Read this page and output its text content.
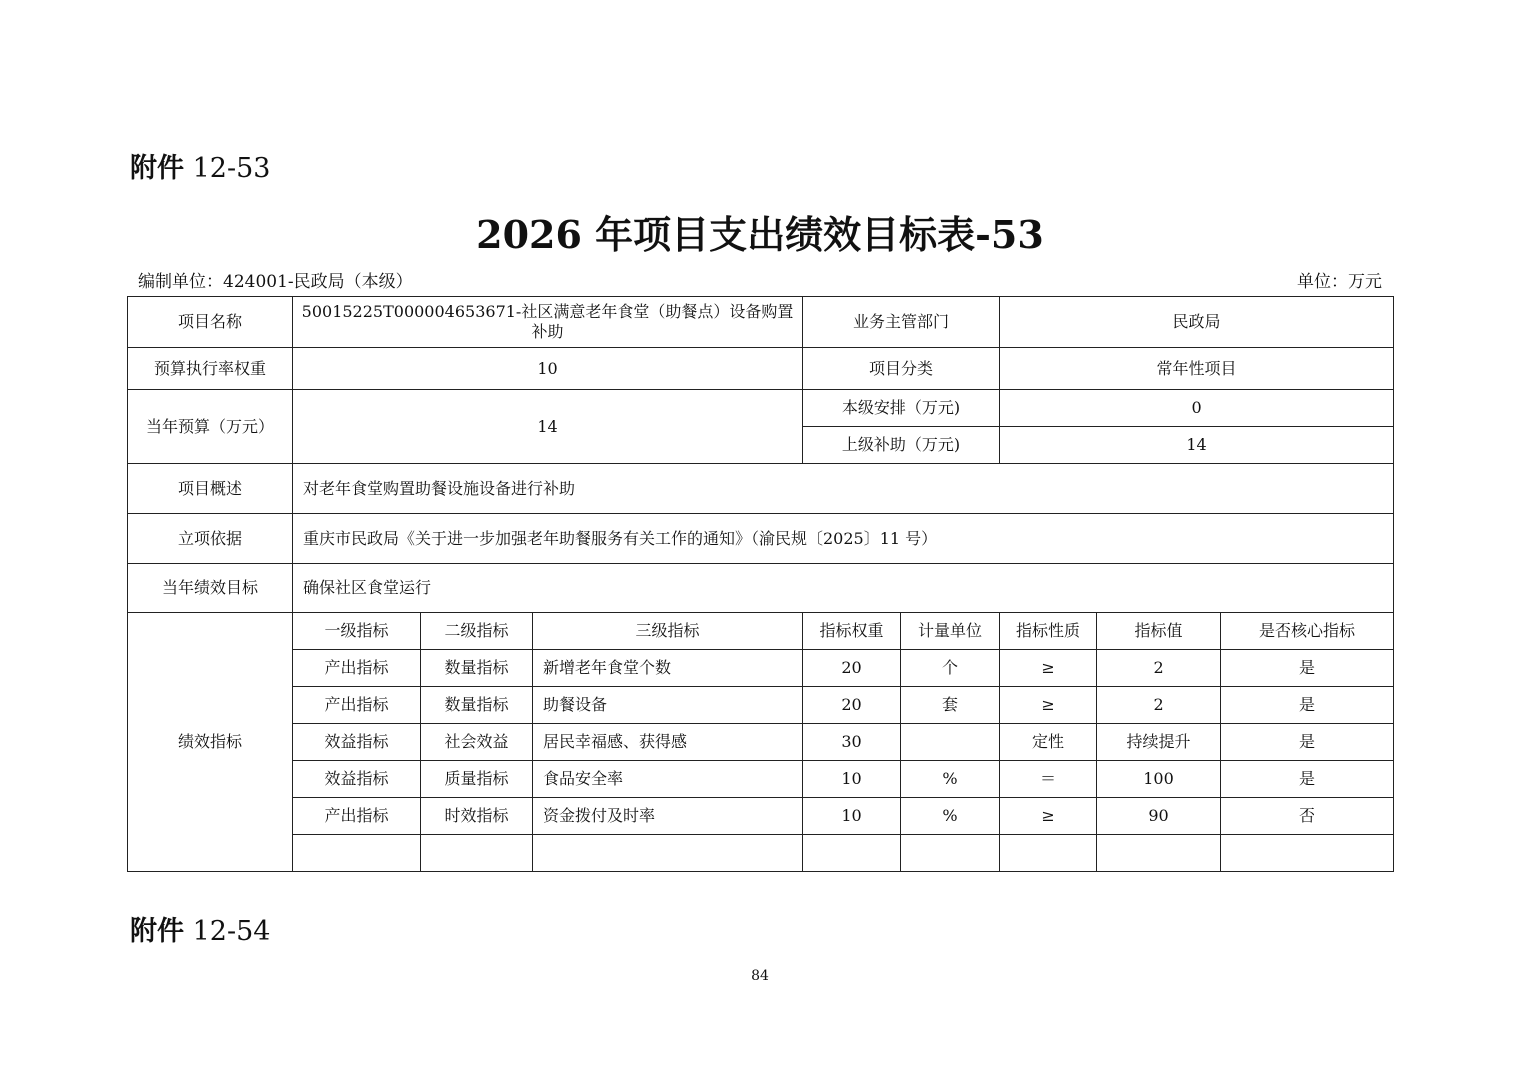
附件 12-53
2026 年项目支出绩效目标表-53
编制单位：424001-民政局（本级）	单位：万元
项目名称	50015225T000004653671-社区满意老年食堂（助餐点）设备购置补助			业务主管部门		民政局		
预算执行率权重	10			项目分类		常年性项目		
当年预算（万元）	14			本级安排（万元)		0		
				上级补助（万元)		14		
项目概述	对老年食堂购置助餐设施设备进行补助							
立项依据	重庆市民政局《关于进一步加强老年助餐服务有关工作的通知》（渝民规〔2025〕11 号）							
当年绩效目标	确保社区食堂运行							
绩效指标	一级指标	二级指标	三级指标	指标权重	计量单位	指标性质	指标值	是否核心指标
	产出指标	数量指标	新增老年食堂个数	20	个	≥	2	是
	产出指标	数量指标	助餐设备	20	套	≥	2	是
	效益指标	社会效益	居民幸福感、获得感	30		定性	持续提升	是
	效益指标	质量指标	食品安全率	10	%	＝	100	是
	产出指标	时效指标	资金拨付及时率	10	%	≥	90	否

附件 12-54
84
